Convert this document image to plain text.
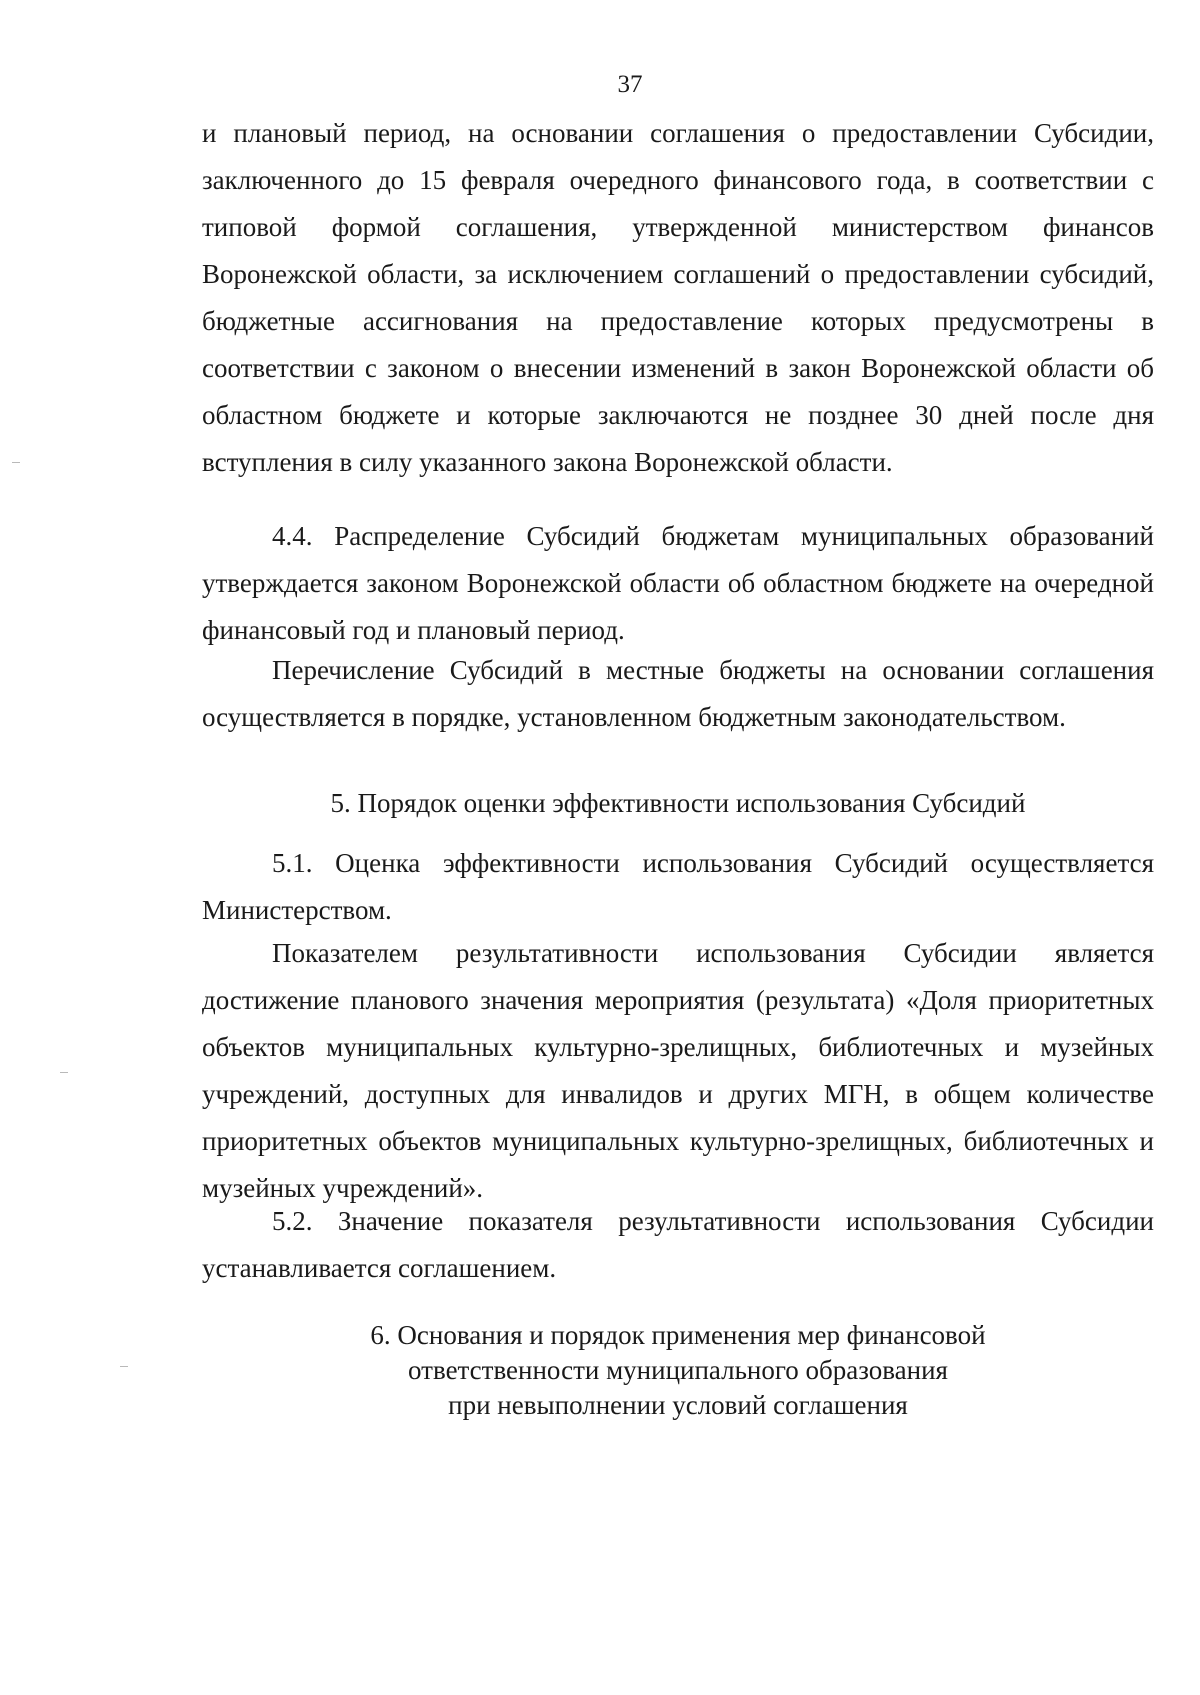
37

и плановый период, на основании соглашения о предоставлении Субсидии, заключенного до 15 февраля очередного финансового года, в соответствии с типовой формой соглашения, утвержденной министерством финансов Воронежской области, за исключением соглашений о предоставлении субсидий, бюджетные ассигнования на предоставление которых предусмотрены в соответствии с законом о внесении изменений в закон Воронежской области об областном бюджете и которые заключаются не позднее 30 дней после дня вступления в силу указанного закона Воронежской области.

4.4. Распределение Субсидий бюджетам муниципальных образований утверждается законом Воронежской области об областном бюджете на очередной финансовый год и плановый период.

Перечисление Субсидий в местные бюджеты на основании соглашения осуществляется в порядке, установленном бюджетным законодательством.

5. Порядок оценки эффективности использования Субсидий

5.1. Оценка эффективности использования Субсидий осуществляется Министерством.

Показателем результативности использования Субсидии является достижение планового значения мероприятия (результата) «Доля приоритетных объектов муниципальных культурно-зрелищных, библиотечных и музейных учреждений, доступных для инвалидов и других МГН, в общем количестве приоритетных объектов муниципальных культурно-зрелищных, библиотечных и музейных учреждений».

5.2. Значение показателя результативности использования Субсидии устанавливается соглашением.

6. Основания и порядок применения мер финансовой
ответственности муниципального образования
при невыполнении условий соглашения
